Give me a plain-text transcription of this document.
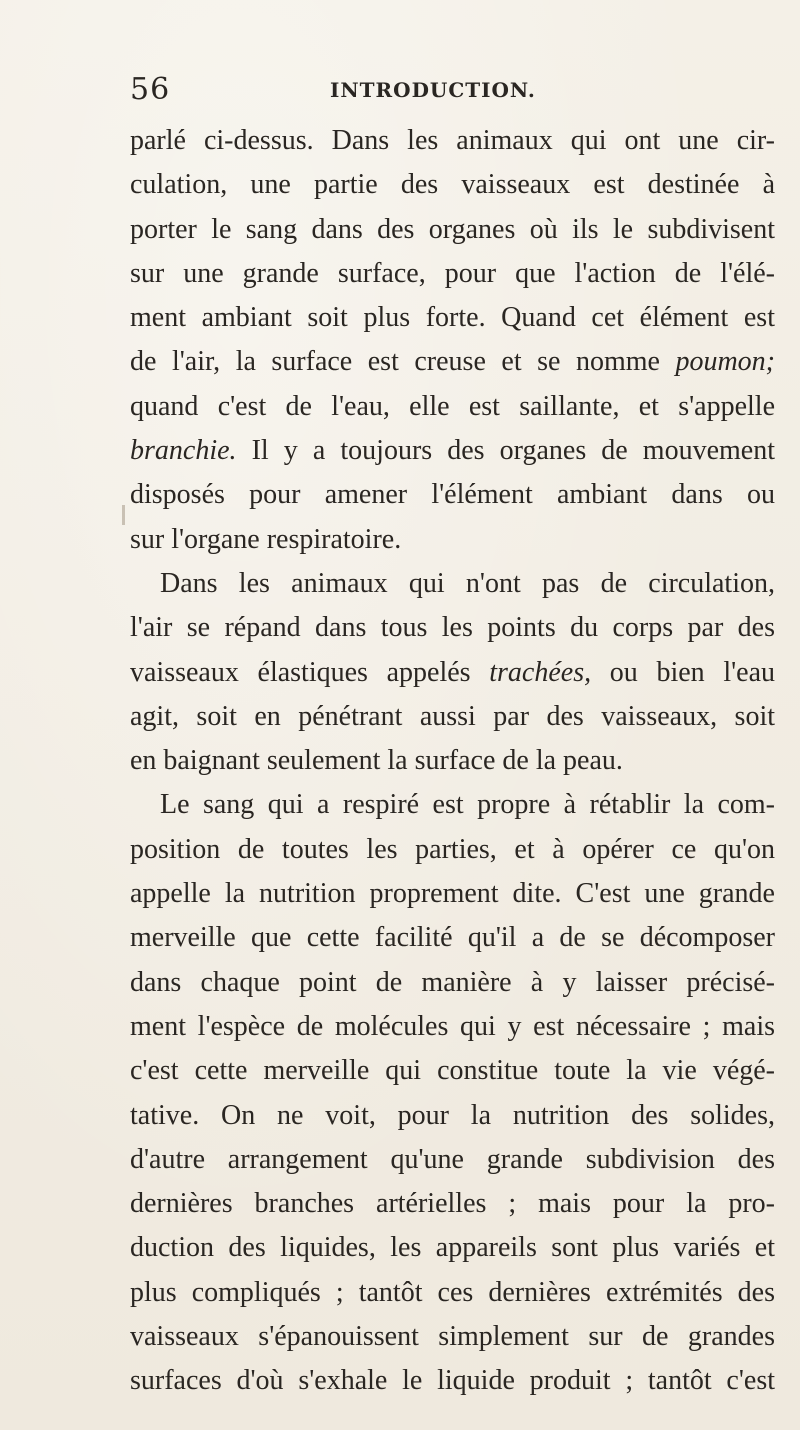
56	INTRODUCTION.
parlé ci-dessus. Dans les animaux qui ont une cir-
culation, une partie des vaisseaux est destinée à
porter le sang dans des organes où ils le subdivisent
sur une grande surface, pour que l'action de l'élé-
ment ambiant soit plus forte. Quand cet élément est
de l'air, la surface est creuse et se nomme poumon;
quand c'est de l'eau, elle est saillante, et s'appelle
branchie. Il y a toujours des organes de mouvement
disposés pour amener l'élément ambiant dans ou
sur l'organe respiratoire.
Dans les animaux qui n'ont pas de circulation,
l'air se répand dans tous les points du corps par des
vaisseaux élastiques appelés trachées, ou bien l'eau
agit, soit en pénétrant aussi par des vaisseaux, soit
en baignant seulement la surface de la peau.
Le sang qui a respiré est propre à rétablir la com-
position de toutes les parties, et à opérer ce qu'on
appelle la nutrition proprement dite. C'est une grande
merveille que cette facilité qu'il a de se décomposer
dans chaque point de manière à y laisser précisé-
ment l'espèce de molécules qui y est nécessaire ; mais
c'est cette merveille qui constitue toute la vie végé-
tative. On ne voit, pour la nutrition des solides,
d'autre arrangement qu'une grande subdivision des
dernières branches artérielles ; mais pour la pro-
duction des liquides, les appareils sont plus variés et
plus compliqués ; tantôt ces dernières extrémités des
vaisseaux s'épanouissent simplement sur de grandes
surfaces d'où s'exhale le liquide produit ; tantôt c'est
